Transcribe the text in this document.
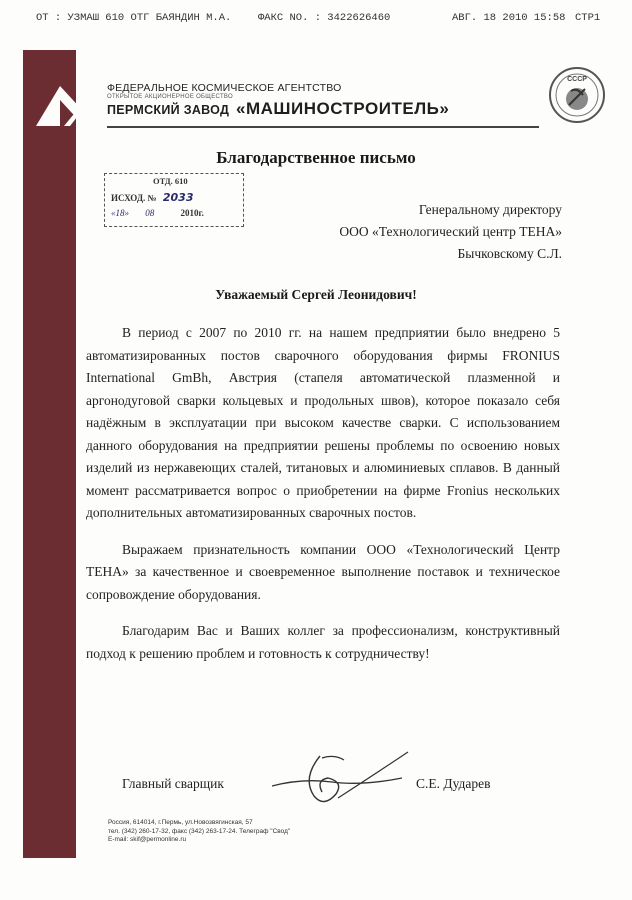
ОТ : УЗМАШ 610 ОТГ БАЯНДИН М.А.	ФАКС NO. : 3422626460	АВГ. 18 2010 15:58 СТР1
ФЕДЕРАЛЬНОЕ КОСМИЧЕСКОЕ АГЕНТСТВО
ОТКРЫТОЕ АКЦИОНЕРНОЕ ОБЩЕСТВО
ПЕРМСКИЙ ЗАВОД «МАШИНОСТРОИТЕЛЬ»
СССР
Благодарственное письмо
ОТД. 610
ИСХОД. № 2033
«18» 08	2010г.	Генеральному директору
ООО «Технологический центр ТЕНА»
Бычковскому С.Л.
Уважаемый Сергей Леонидович!

В период с 2007 по 2010 гг. на нашем предприятии было внедрено 5 автоматизированных постов сварочного оборудования фирмы FRONIUS International GmBh, Австрия (стапеля автоматической плазменной и аргонодуговой сварки кольцевых и продольных швов), которое показало себя надёжным в эксплуатации при высоком качестве сварки. С использованием данного оборудования на предприятии решены проблемы по освоению новых изделий из нержавеющих сталей, титановых и алюминиевых сплавов. В данный момент рассматривается вопрос о приобретении на фирме Fronius нескольких дополнительных автоматизированных сварочных постов.

Выражаем признательность компании ООО «Технологический Центр ТЕНА» за качественное и своевременное выполнение поставок и техническое сопровождение оборудования.

Благодарим Вас и Ваших коллег за профессионализм, конструктивный подход к решению проблем и готовность к сотрудничеству!

Главный сварщик	С.Е. Дударев
Россия, 614014, г.Пермь, ул.Новозвягинская, 57
тел. (342) 260-17-32, факс (342) 263-17-24. Телеграф "Свод"
E-mail: skif@permonline.ru
